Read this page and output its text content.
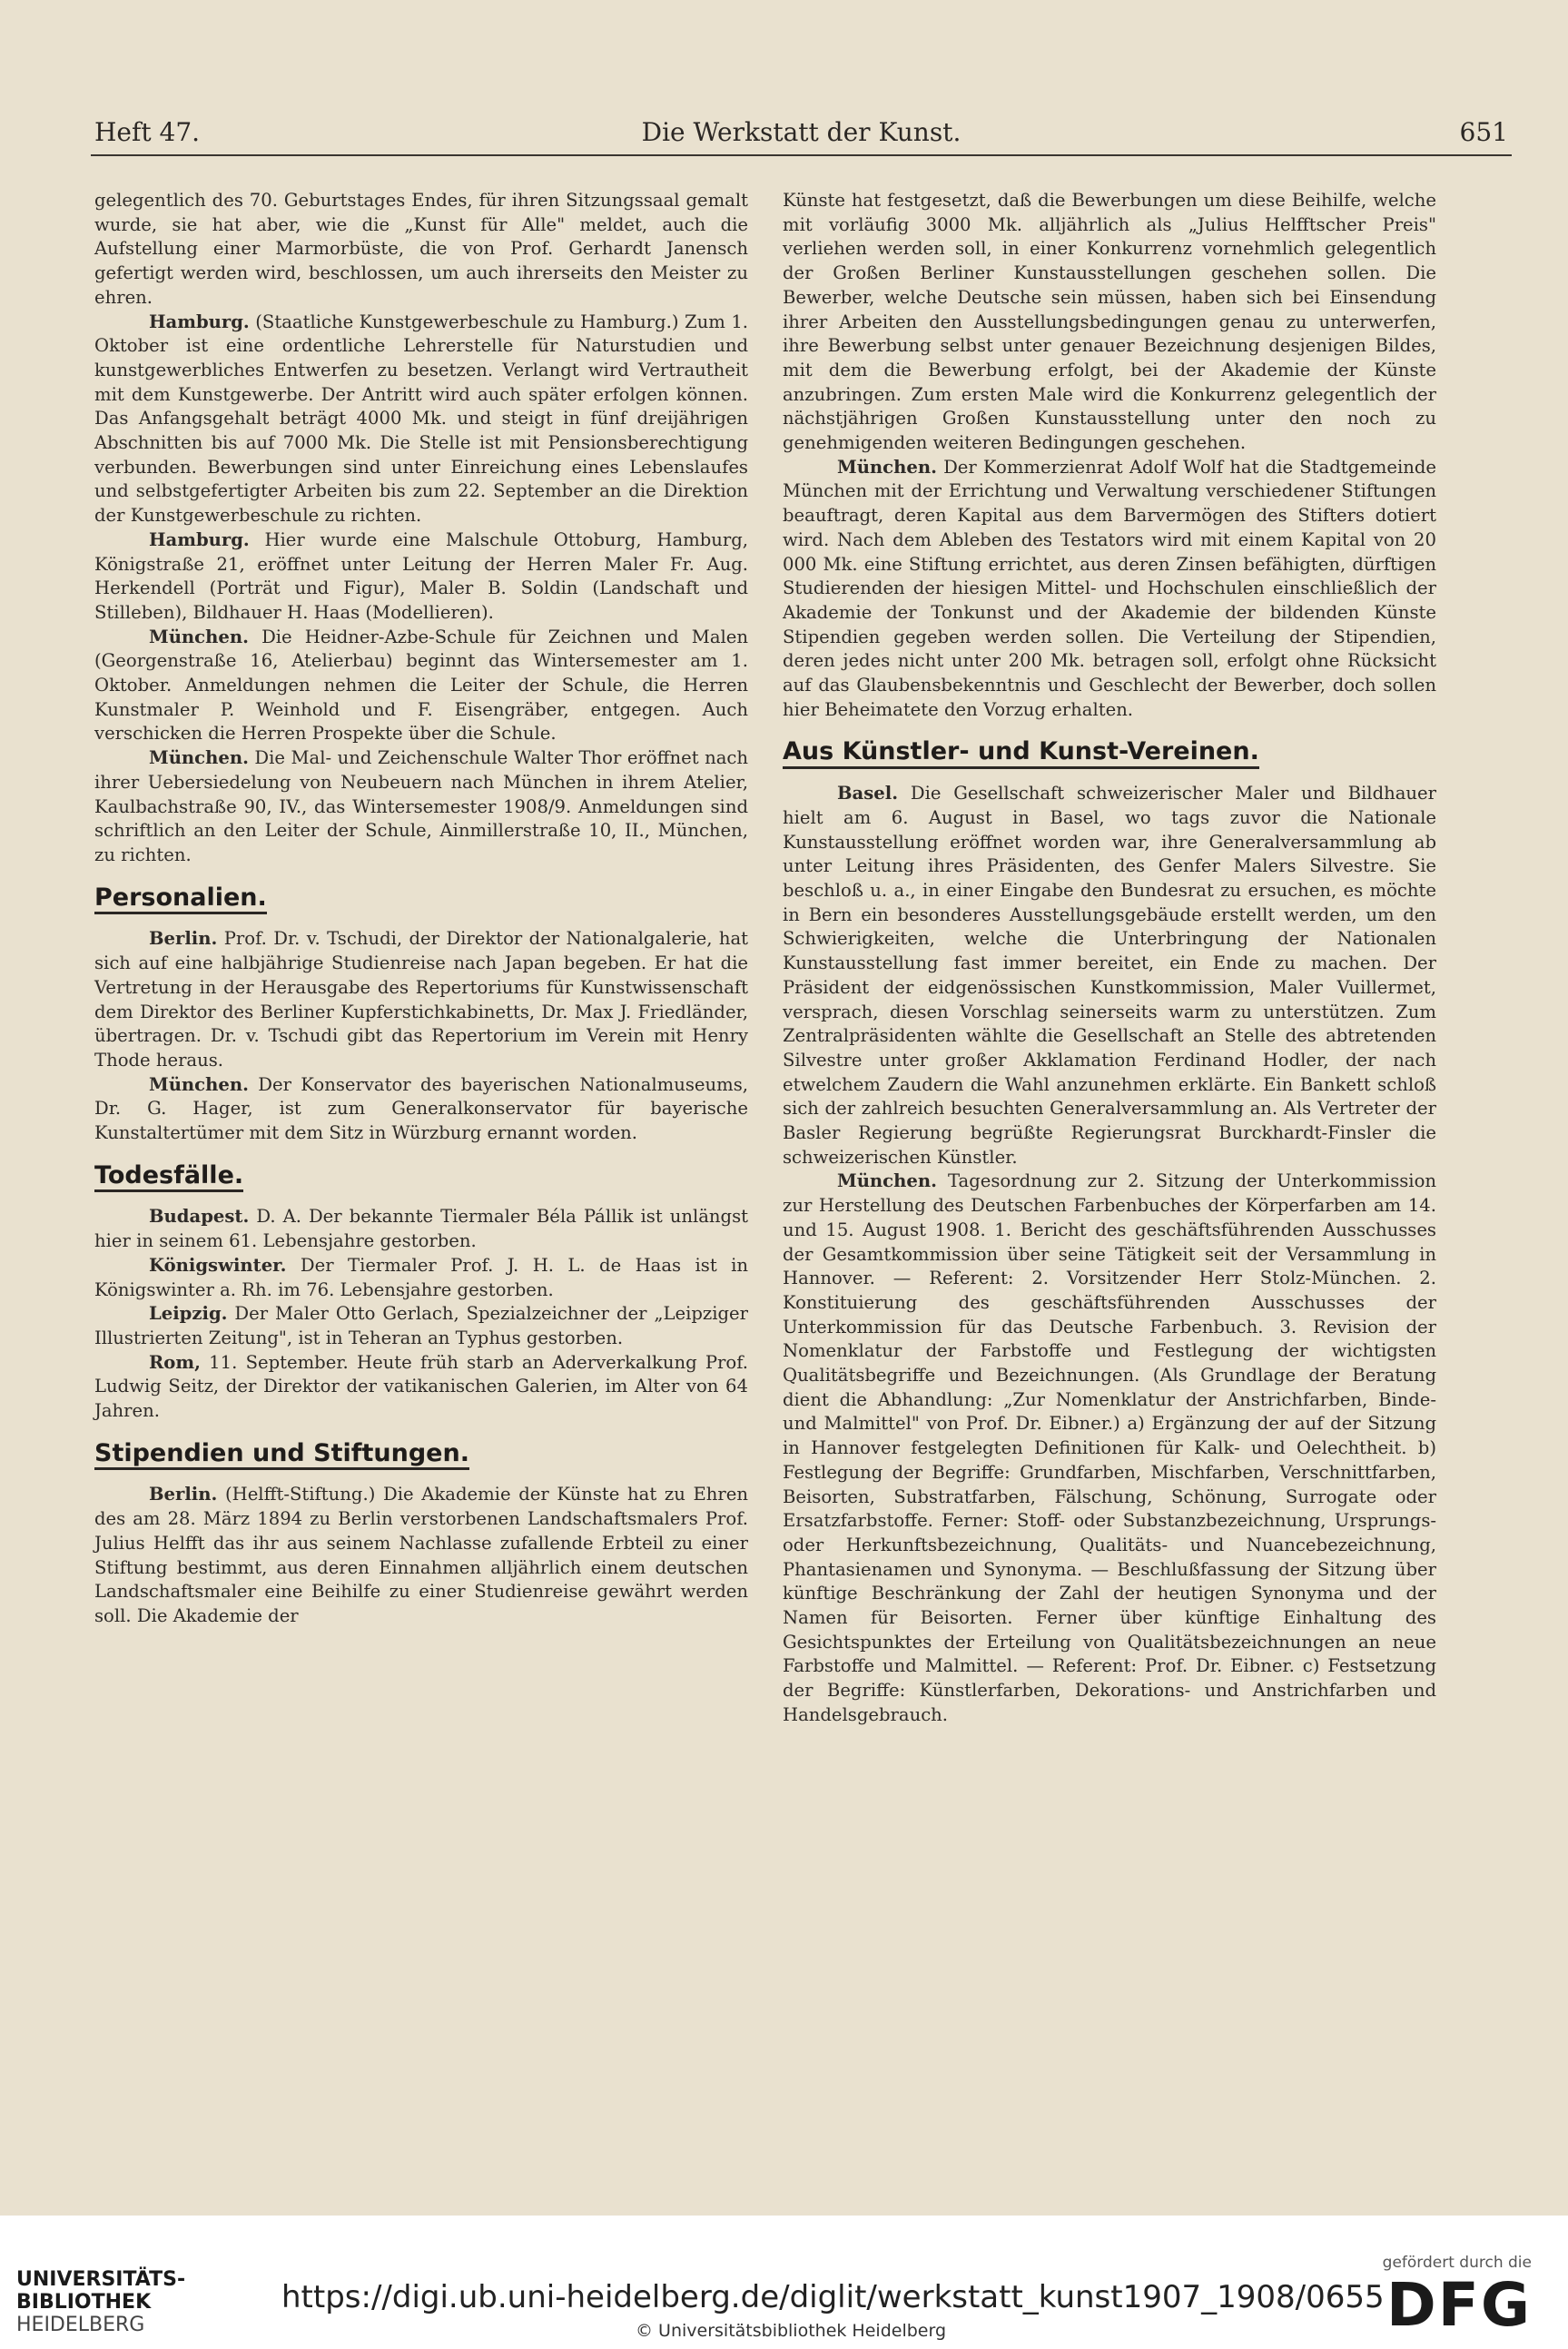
Heft 47.	Die Werkstatt der Kunst.	651

gelegentlich des 70. Geburtstages Endes, für ihren Sitzungssaal gemalt wurde, sie hat aber, wie die „Kunst für Alle" meldet, auch die Aufstellung einer Marmorbüste, die von Prof. Gerhardt Janensch gefertigt werden wird, beschlossen, um auch ihrerseits den Meister zu ehren.

Hamburg. (Staatliche Kunstgewerbeschule zu Hamburg.) Zum 1. Oktober ist eine ordentliche Lehrerstelle für Naturstudien und kunstgewerbliches Entwerfen zu besetzen. Verlangt wird Vertrautheit mit dem Kunstgewerbe. Der Antritt wird auch später erfolgen können. Das Anfangsgehalt beträgt 4000 Mk. und steigt in fünf dreijährigen Abschnitten bis auf 7000 Mk. Die Stelle ist mit Pensionsberechtigung verbunden. Bewerbungen sind unter Einreichung eines Lebenslaufes und selbstgefertigter Arbeiten bis zum 22. September an die Direktion der Kunstgewerbeschule zu richten.

Hamburg. Hier wurde eine Malschule Ottoburg, Hamburg, Königstraße 21, eröffnet unter Leitung der Herren Maler Fr. Aug. Herkendell (Porträt und Figur), Maler B. Soldin (Landschaft und Stilleben), Bildhauer H. Haas (Modellieren).

München. Die Heidner-Azbe-Schule für Zeichnen und Malen (Georgenstraße 16, Atelierbau) beginnt das Wintersemester am 1. Oktober. Anmeldungen nehmen die Leiter der Schule, die Herren Kunstmaler P. Weinhold und F. Eisengräber, entgegen. Auch verschicken die Herren Prospekte über die Schule.

München. Die Mal- und Zeichenschule Walter Thor eröffnet nach ihrer Uebersiedelung von Neubeuern nach München in ihrem Atelier, Kaulbachstraße 90, IV., das Wintersemester 1908/9. Anmeldungen sind schriftlich an den Leiter der Schule, Ainmillerstraße 10, II., München, zu richten.

Personalien.

Berlin. Prof. Dr. v. Tschudi, der Direktor der Nationalgalerie, hat sich auf eine halbjährige Studienreise nach Japan begeben. Er hat die Vertretung in der Herausgabe des Repertoriums für Kunstwissenschaft dem Direktor des Berliner Kupferstichkabinetts, Dr. Max J. Friedländer, übertragen. Dr. v. Tschudi gibt das Repertorium im Verein mit Henry Thode heraus.

München. Der Konservator des bayerischen Nationalmuseums, Dr. G. Hager, ist zum Generalkonservator für bayerische Kunstaltertümer mit dem Sitz in Würzburg ernannt worden.

Todesfälle.

Budapest. D. A. Der bekannte Tiermaler Béla Pállik ist unlängst hier in seinem 61. Lebensjahre gestorben.

Königswinter. Der Tiermaler Prof. J. H. L. de Haas ist in Königswinter a. Rh. im 76. Lebensjahre gestorben.

Leipzig. Der Maler Otto Gerlach, Spezialzeichner der „Leipziger Illustrierten Zeitung", ist in Teheran an Typhus gestorben.

Rom, 11. September. Heute früh starb an Aderverkalkung Prof. Ludwig Seitz, der Direktor der vatikanischen Galerien, im Alter von 64 Jahren.

Stipendien und Stiftungen.

Berlin. (Helfft-Stiftung.) Die Akademie der Künste hat zu Ehren des am 28. März 1894 zu Berlin verstorbenen Landschaftsmalers Prof. Julius Helfft das ihr aus seinem Nachlasse zufallende Erbteil zu einer Stiftung bestimmt, aus deren Einnahmen alljährlich einem deutschen Landschaftsmaler eine Beihilfe zu einer Studienreise gewährt werden soll. Die Akademie der

Künste hat festgesetzt, daß die Bewerbungen um diese Beihilfe, welche mit vorläufig 3000 Mk. alljährlich als „Julius Helfftscher Preis" verliehen werden soll, in einer Konkurrenz vornehmlich gelegentlich der Großen Berliner Kunstausstellungen geschehen sollen. Die Bewerber, welche Deutsche sein müssen, haben sich bei Einsendung ihrer Arbeiten den Ausstellungsbedingungen genau zu unterwerfen, ihre Bewerbung selbst unter genauer Bezeichnung desjenigen Bildes, mit dem die Bewerbung erfolgt, bei der Akademie der Künste anzubringen. Zum ersten Male wird die Konkurrenz gelegentlich der nächstjährigen Großen Kunstausstellung unter den noch zu genehmigenden weiteren Bedingungen geschehen.

München. Der Kommerzienrat Adolf Wolf hat die Stadtgemeinde München mit der Errichtung und Verwaltung verschiedener Stiftungen beauftragt, deren Kapital aus dem Barvermögen des Stifters dotiert wird. Nach dem Ableben des Testators wird mit einem Kapital von 20 000 Mk. eine Stiftung errichtet, aus deren Zinsen befähigten, dürftigen Studierenden der hiesigen Mittel- und Hochschulen einschließlich der Akademie der Tonkunst und der Akademie der bildenden Künste Stipendien gegeben werden sollen. Die Verteilung der Stipendien, deren jedes nicht unter 200 Mk. betragen soll, erfolgt ohne Rücksicht auf das Glaubensbekenntnis und Geschlecht der Bewerber, doch sollen hier Beheimatete den Vorzug erhalten.

Aus Künstler- und Kunst-Vereinen.

Basel. Die Gesellschaft schweizerischer Maler und Bildhauer hielt am 6. August in Basel, wo tags zuvor die Nationale Kunstausstellung eröffnet worden war, ihre Generalversammlung ab unter Leitung ihres Präsidenten, des Genfer Malers Silvestre. Sie beschloß u. a., in einer Eingabe den Bundesrat zu ersuchen, es möchte in Bern ein besonderes Ausstellungsgebäude erstellt werden, um den Schwierigkeiten, welche die Unterbringung der Nationalen Kunstausstellung fast immer bereitet, ein Ende zu machen. Der Präsident der eidgenössischen Kunstkommission, Maler Vuillermet, versprach, diesen Vorschlag seinerseits warm zu unterstützen. Zum Zentralpräsidenten wählte die Gesellschaft an Stelle des abtretenden Silvestre unter großer Akklamation Ferdinand Hodler, der nach etwelchem Zaudern die Wahl anzunehmen erklärte. Ein Bankett schloß sich der zahlreich besuchten Generalversammlung an. Als Vertreter der Basler Regierung begrüßte Regierungsrat Burckhardt-Finsler die schweizerischen Künstler.

München. Tagesordnung zur 2. Sitzung der Unterkommission zur Herstellung des Deutschen Farbenbuches der Körperfarben am 14. und 15. August 1908. 1. Bericht des geschäftsführenden Ausschusses der Gesamtkommission über seine Tätigkeit seit der Versammlung in Hannover. — Referent: 2. Vorsitzender Herr Stolz-München. 2. Konstituierung des geschäftsführenden Ausschusses der Unterkommission für das Deutsche Farbenbuch. 3. Revision der Nomenklatur der Farbstoffe und Festlegung der wichtigsten Qualitätsbegriffe und Bezeichnungen. (Als Grundlage der Beratung dient die Abhandlung: „Zur Nomenklatur der Anstrichfarben, Binde- und Malmittel" von Prof. Dr. Eibner.) a) Ergänzung der auf der Sitzung in Hannover festgelegten Definitionen für Kalk- und Oelechtheit. b) Festlegung der Begriffe: Grundfarben, Mischfarben, Verschnittfarben, Beisorten, Substratfarben, Fälschung, Schönung, Surrogate oder Ersatzfarbstoffe. Ferner: Stoff- oder Substanzbezeichnung, Ursprungs- oder Herkunftsbezeichnung, Qualitäts- und Nuancebezeichnung, Phantasienamen und Synonyma. — Beschlußfassung der Sitzung über künftige Beschränkung der Zahl der heutigen Synonyma und der Namen für Beisorten. Ferner über künftige Einhaltung des Gesichtspunktes der Erteilung von Qualitätsbezeichnungen an neue Farbstoffe und Malmittel. — Referent: Prof. Dr. Eibner. c) Festsetzung der Begriffe: Künstlerfarben, Dekorations- und Anstrichfarben und Handelsgebrauch.

UNIVERSITÄTS-
BIBLIOTHEK
HEIDELBERG
https://digi.ub.uni-heidelberg.de/diglit/werkstatt_kunst1907_1908/0655
© Universitätsbibliothek Heidelberg
gefördert durch die
DFG
